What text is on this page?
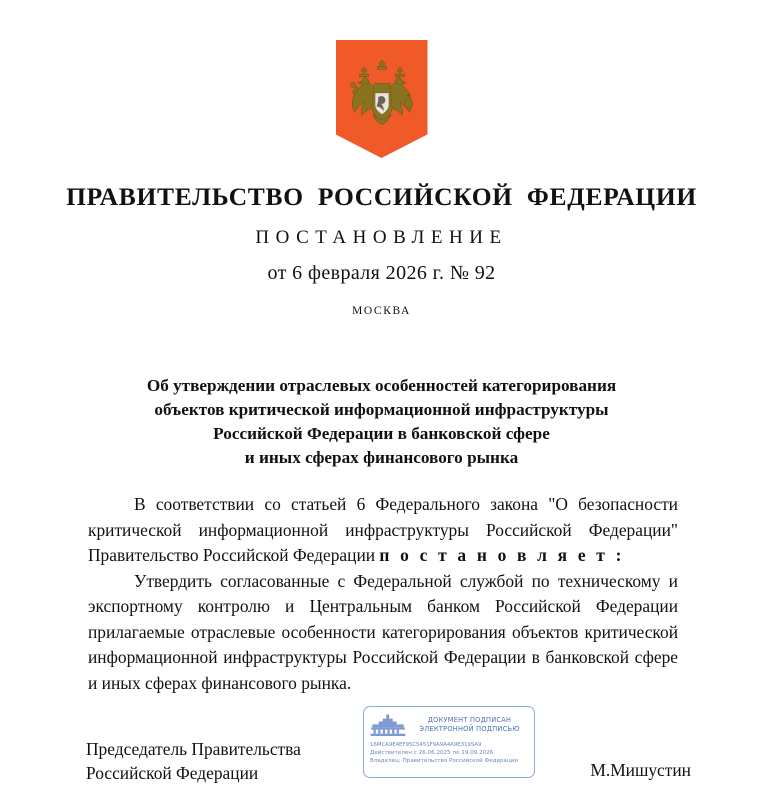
ПРАВИТЕЛЬСТВО РОССИЙСКОЙ ФЕДЕРАЦИИ
ПОСТАНОВЛЕНИЕ
от 6 февраля 2026 г. № 92
МОСКВА
Об утверждении отраслевых особенностей категорирования
объектов критической информационной инфраструктуры
Российской Федерации в банковской сфере
и иных сферах финансового рынка

В соответствии со статьей 6 Федерального закона "О безопасности критической информационной инфраструктуры Российской Федерации" Правительство Российской Федерации п о с т а н о в л я е т :

Утвердить согласованные с Федеральной службой по техническому и экспортному контролю и Центральным банком Российской Федерации прилагаемые отраслевые особенности категорирования объектов критической информационной инфраструктуры Российской Федерации в банковской сфере и иных сферах финансового рынка.

ДОКУМЕНТ ПОДПИСАН
ЭЛЕКТРОННОЙ ПОДПИСЬЮ
16МСА9E4EF95С5451F9А9А4А9E319SA9
Действителен с 26.06.2025 по 19.09.2026
Владелец: Правительство Российской Федерации
Председатель Правительства
Российской Федерации	М.Мишустин
